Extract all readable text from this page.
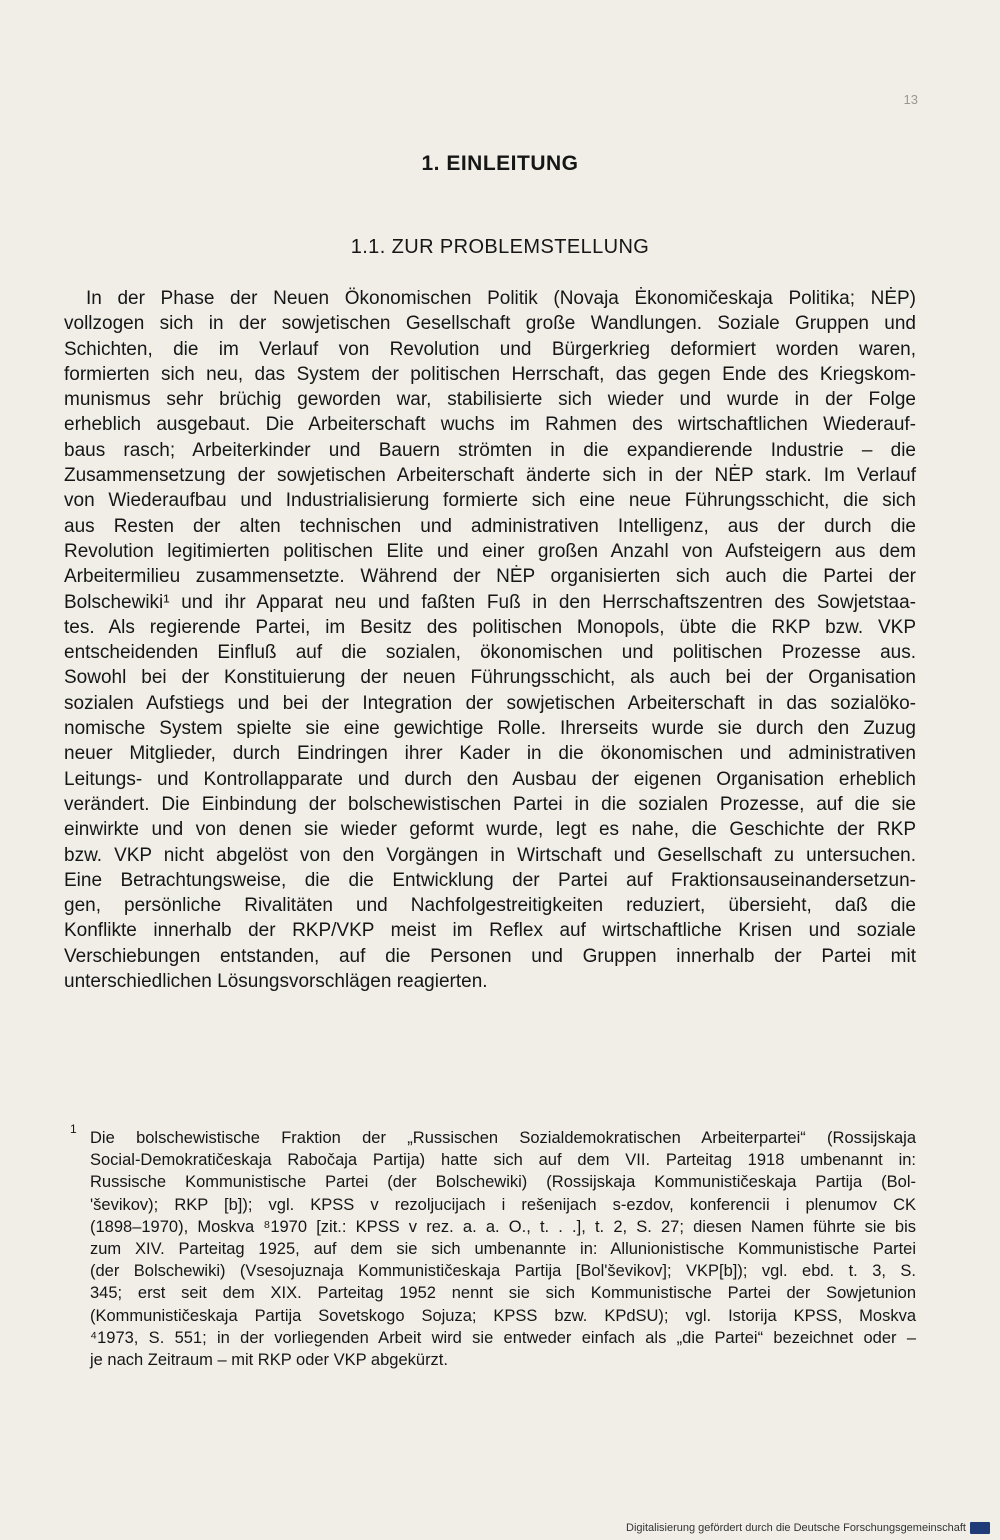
13
1. EINLEITUNG
1.1. ZUR PROBLEMSTELLUNG
In der Phase der Neuen Ökonomischen Politik (Novaja Ėkonomičeskaja Politika; NĖP)
vollzogen sich in der sowjetischen Gesellschaft große Wandlungen. Soziale Gruppen und
Schichten, die im Verlauf von Revolution und Bürgerkrieg deformiert worden waren,
formierten sich neu, das System der politischen Herrschaft, das gegen Ende des Kriegskom-
munismus sehr brüchig geworden war, stabilisierte sich wieder und wurde in der Folge
erheblich ausgebaut. Die Arbeiterschaft wuchs im Rahmen des wirtschaftlichen Wiederauf-
baus rasch; Arbeiterkinder und Bauern strömten in die expandierende Industrie – die
Zusammensetzung der sowjetischen Arbeiterschaft änderte sich in der NĖP stark. Im Verlauf
von Wiederaufbau und Industrialisierung formierte sich eine neue Führungsschicht, die sich
aus Resten der alten technischen und administrativen Intelligenz, aus der durch die
Revolution legitimierten politischen Elite und einer großen Anzahl von Aufsteigern aus dem
Arbeitermilieu zusammensetzte. Während der NĖP organisierten sich auch die Partei der
Bolschewiki¹ und ihr Apparat neu und faßten Fuß in den Herrschaftszentren des Sowjetstaa-
tes. Als regierende Partei, im Besitz des politischen Monopols, übte die RKP bzw. VKP
entscheidenden Einfluß auf die sozialen, ökonomischen und politischen Prozesse aus.
Sowohl bei der Konstituierung der neuen Führungsschicht, als auch bei der Organisation
sozialen Aufstiegs und bei der Integration der sowjetischen Arbeiterschaft in das sozialöko-
nomische System spielte sie eine gewichtige Rolle. Ihrerseits wurde sie durch den Zuzug
neuer Mitglieder, durch Eindringen ihrer Kader in die ökonomischen und administrativen
Leitungs- und Kontrollapparate und durch den Ausbau der eigenen Organisation erheblich
verändert. Die Einbindung der bolschewistischen Partei in die sozialen Prozesse, auf die sie
einwirkte und von denen sie wieder geformt wurde, legt es nahe, die Geschichte der RKP
bzw. VKP nicht abgelöst von den Vorgängen in Wirtschaft und Gesellschaft zu untersuchen.
Eine Betrachtungsweise, die die Entwicklung der Partei auf Fraktionsauseinandersetzun-
gen, persönliche Rivalitäten und Nachfolgestreitigkeiten reduziert, übersieht, daß die
Konflikte innerhalb der RKP/VKP meist im Reflex auf wirtschaftliche Krisen und soziale
Verschiebungen entstanden, auf die Personen und Gruppen innerhalb der Partei mit
unterschiedlichen Lösungsvorschlägen reagierten.
1 Die bolschewistische Fraktion der „Russischen Sozialdemokratischen Arbeiterpartei“ (Rossijskaja
Social-Demokratičeskaja Rabočaja Partija) hatte sich auf dem VII. Parteitag 1918 umbenannt in:
Russische Kommunistische Partei (der Bolschewiki) (Rossijskaja Kommunističeskaja Partija (Bol-
'ševikov); RKP [b]); vgl. KPSS v rezoljucijach i rešenijach s-ezdov, konferencii i plenumov CK
(1898–1970), Moskva ⁸1970 [zit.: KPSS v rez. a. a. O., t. . .], t. 2, S. 27; diesen Namen führte sie bis
zum XIV. Parteitag 1925, auf dem sie sich umbenannte in: Allunionistische Kommunistische Partei
(der Bolschewiki) (Vsesojuznaja Kommunističeskaja Partija [Bol'ševikov]; VKP[b]); vgl. ebd. t. 3, S.
345; erst seit dem XIX. Parteitag 1952 nennt sie sich Kommunistische Partei der Sowjetunion
(Kommunističeskaja Partija Sovetskogo Sojuza; KPSS bzw. KPdSU); vgl. Istorija KPSS, Moskva
⁴1973, S. 551; in der vorliegenden Arbeit wird sie entweder einfach als „die Partei“ bezeichnet oder –
je nach Zeitraum – mit RKP oder VKP abgekürzt.
Digitalisierung gefördert durch die Deutsche Forschungsgemeinschaft
